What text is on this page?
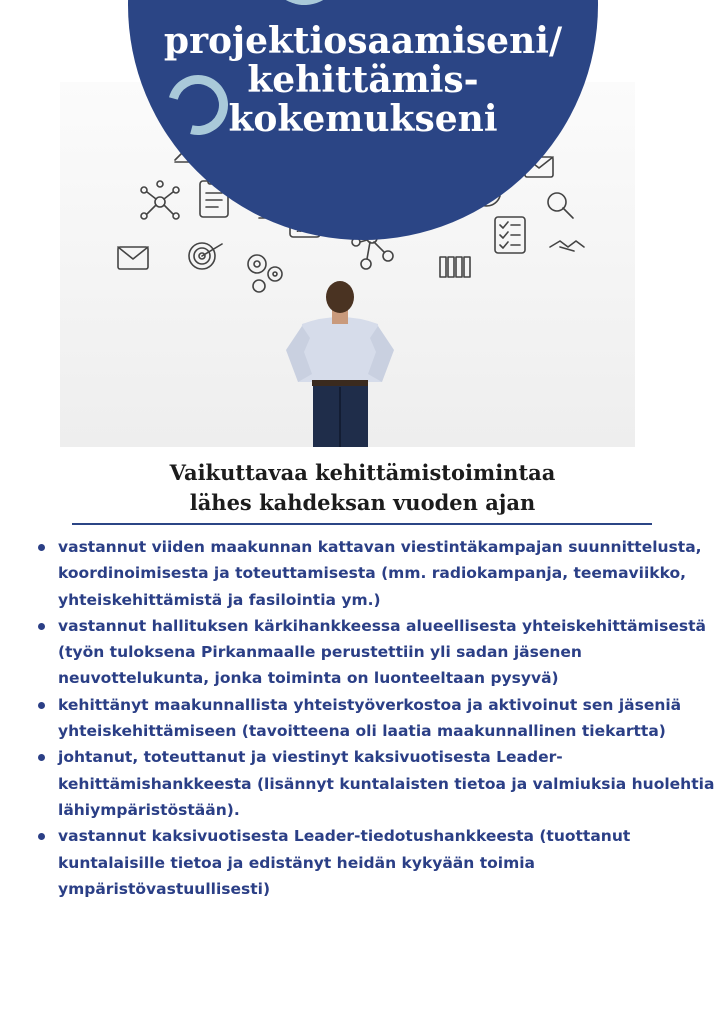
projektiosaamiseni/
kehittämis-
kokemukseni
Vaikuttavaa kehittämistoimintaa
lähes kahdeksan vuoden ajan
vastannut viiden maakunnan kattavan viestintäkampajan suunnittelusta, koordinoimisesta ja toteuttamisesta (mm. radiokampanja, teemaviikko, yhteiskehittämistä ja fasilointia ym.)
vastannut hallituksen kärkihankkeessa alueellisesta yhteiskehittämisestä (työn tuloksena Pirkanmaalle perustettiin yli sadan jäsenen neuvottelukunta, jonka toiminta on luonteeltaan pysyvä)
kehittänyt maakunnallista yhteistyöverkostoa ja aktivoinut sen jäseniä yhteiskehittämiseen (tavoitteena oli laatia maakunnallinen tiekartta)
johtanut, toteuttanut ja viestinyt kaksivuotisesta Leader-kehittämishankkeesta (lisännyt kuntalaisten tietoa ja valmiuksia huolehtia lähiympäristöstään).
vastannut kaksivuotisesta Leader-tiedotushankkeesta (tuottanut kuntalaisille tietoa ja edistänyt heidän kykyään toimia ympäristövastuullisesti)
